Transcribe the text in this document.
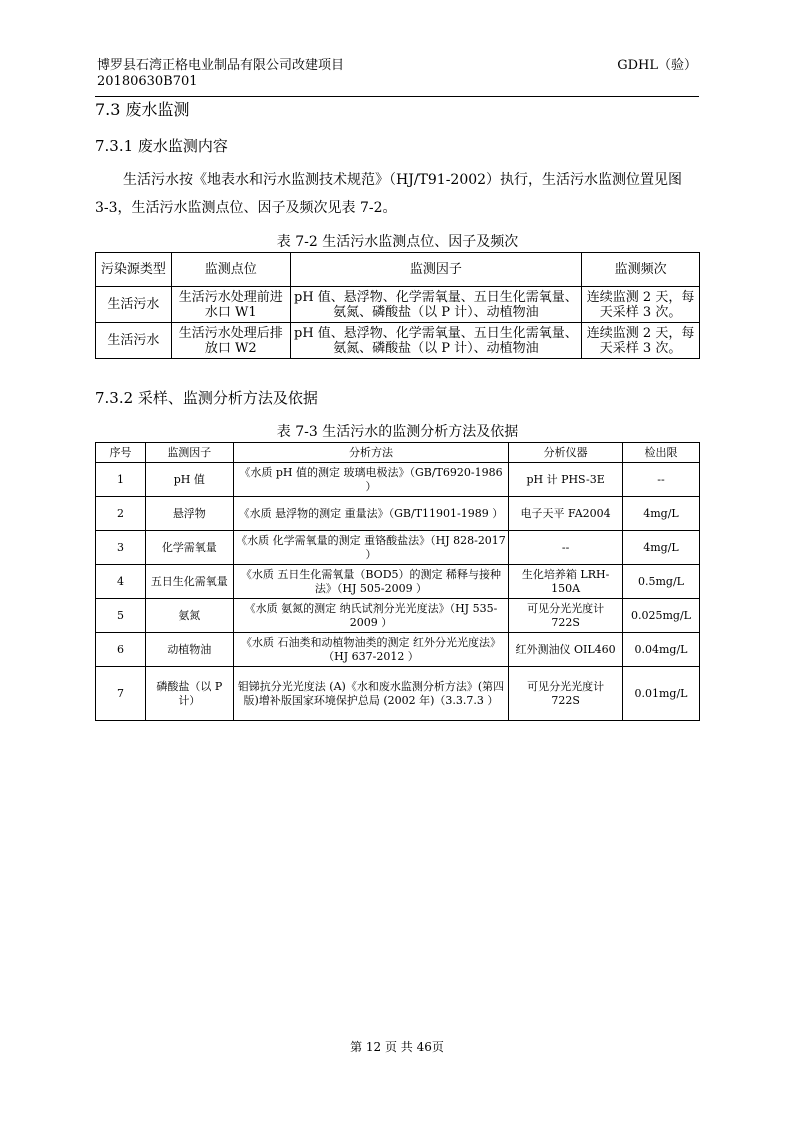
博罗县石湾正格电业制品有限公司改建项目
20180630B701
GDHL（验）
7.3 废水监测
7.3.1 废水监测内容
生活污水按《地表水和污水监测技术规范》（HJ/T91-2002）执行，生活污水监测位置见图 3-3，生活污水监测点位、因子及频次见表 7-2。
表 7-2 生活污水监测点位、因子及频次
污染源类型	监测点位	监测因子	监测频次
生活污水	生活污水处理前进水口 W1	pH 值、悬浮物、化学需氧量、五日生化需氧量、氨氮、磷酸盐（以 P 计）、动植物油	连续监测 2 天，每天采样 3 次。
生活污水	生活污水处理后排放口 W2	pH 值、悬浮物、化学需氧量、五日生化需氧量、氨氮、磷酸盐（以 P 计）、动植物油	连续监测 2 天，每天采样 3 次。
7.3.2 采样、监测分析方法及依据
表 7-3 生活污水的监测分析方法及依据
序号	监测因子	分析方法	分析仪器	检出限
1	pH 值	《水质 pH 值的测定 玻璃电极法》（GB/T6920-1986 ）	pH 计 PHS-3E	--
2	悬浮物	《水质 悬浮物的测定 重量法》（GB/T11901-1989 ）	电子天平 FA2004	4mg/L
3	化学需氧量	《水质 化学需氧量的测定 重铬酸盐法》（HJ 828-2017 ）	--	4mg/L
4	五日生化需氧量	《水质 五日生化需氧量（BOD5）的测定 稀释与接种法》（HJ 505-2009 ）	生化培养箱 LRH-150A	0.5mg/L
5	氨氮	《水质 氨氮的测定 纳氏试剂分光光度法》（HJ 535-2009 ）	可见分光光度计 722S	0.025mg/L
6	动植物油	《水质 石油类和动植物油类的测定 红外分光光度法》（HJ 637-2012 ）	红外测油仪 OIL460	0.04mg/L
7	磷酸盐（以 P 计）	钼锑抗分光光度法 (A)《水和废水监测分析方法》(第四版)增补版国家环境保护总局 (2002 年)（3.3.7.3 ）	可见分光光度计 722S	0.01mg/L
第 12 页 共 46页
